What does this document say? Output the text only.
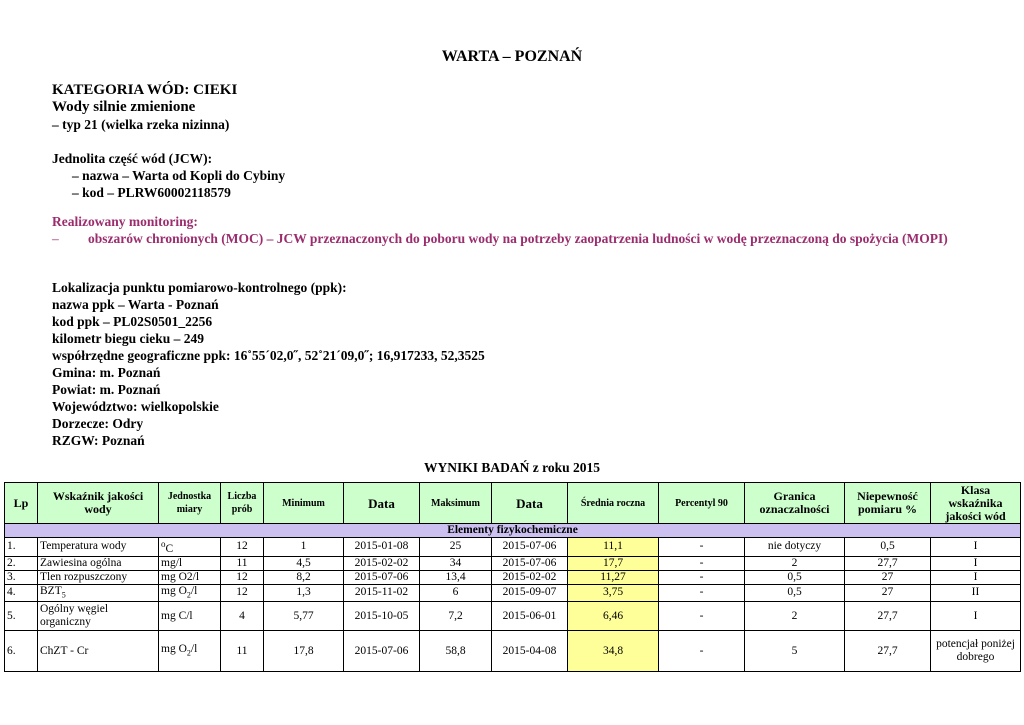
WARTA – POZNAŃ
KATEGORIA WÓD: CIEKI
Wody silnie zmienione
– typ 21 (wielka rzeka nizinna)
Jednolita część wód (JCW):
– nazwa – Warta od Kopli do Cybiny
– kod – PLRW60002118579
Realizowany monitoring:
–	obszarów chronionych (MOC) – JCW przeznaczonych do poboru wody na potrzeby zaopatrzenia ludności w wodę przeznaczoną do spożycia (MOPI)
Lokalizacja punktu pomiarowo-kontrolnego (ppk):
nazwa ppk – Warta - Poznań
kod ppk – PL02S0501_2256
kilometr biegu cieku – 249
współrzędne geograficzne ppk: 16˚55´02,0˝, 52˚21´09,0˝; 16,917233, 52,3525
Gmina: m. Poznań
Powiat: m. Poznań
Województwo: wielkopolskie
Dorzecze: Odry
RZGW: Poznań
WYNIKI BADAŃ z roku 2015
Lp	Wskaźnik jakości wody	Jednostka miary	Liczba prób	Minimum	Data	Maksimum	Data	Średnia roczna	Percentyl 90	Granica oznaczalności	Niepewność pomiaru %	Klasa wskaźnika jakości wód
Elementy fizykochemiczne												
1.	Temperatura wody	$^o$C	12	1	2015-01-08	25	2015-07-06	11,1	-	nie dotyczy	0,5	I
2.	Zawiesina ogólna	mg/l	11	4,5	2015-02-02	34	2015-07-06	17,7	-	2	27,7	I
3.	Tlen rozpuszczony	mg O2/l	12	8,2	2015-07-06	13,4	2015-02-02	11,27	-	0,5	27	I
4.	$BZT_5$	mg $O_2/l$	12	1,3	2015-11-02	6	2015-09-07	3,75	-	0,5	27	II
5.	Ogólny węgiel organiczny	mg C/l	4	5,77	2015-10-05	7,2	2015-06-01	6,46	-	2	27,7	I
6.	ChZT - Cr	mg $O_2/l$	11	17,8	2015-07-06	58,8	2015-04-08	34,8	-	5	27,7	potencjał poniżej dobrego
